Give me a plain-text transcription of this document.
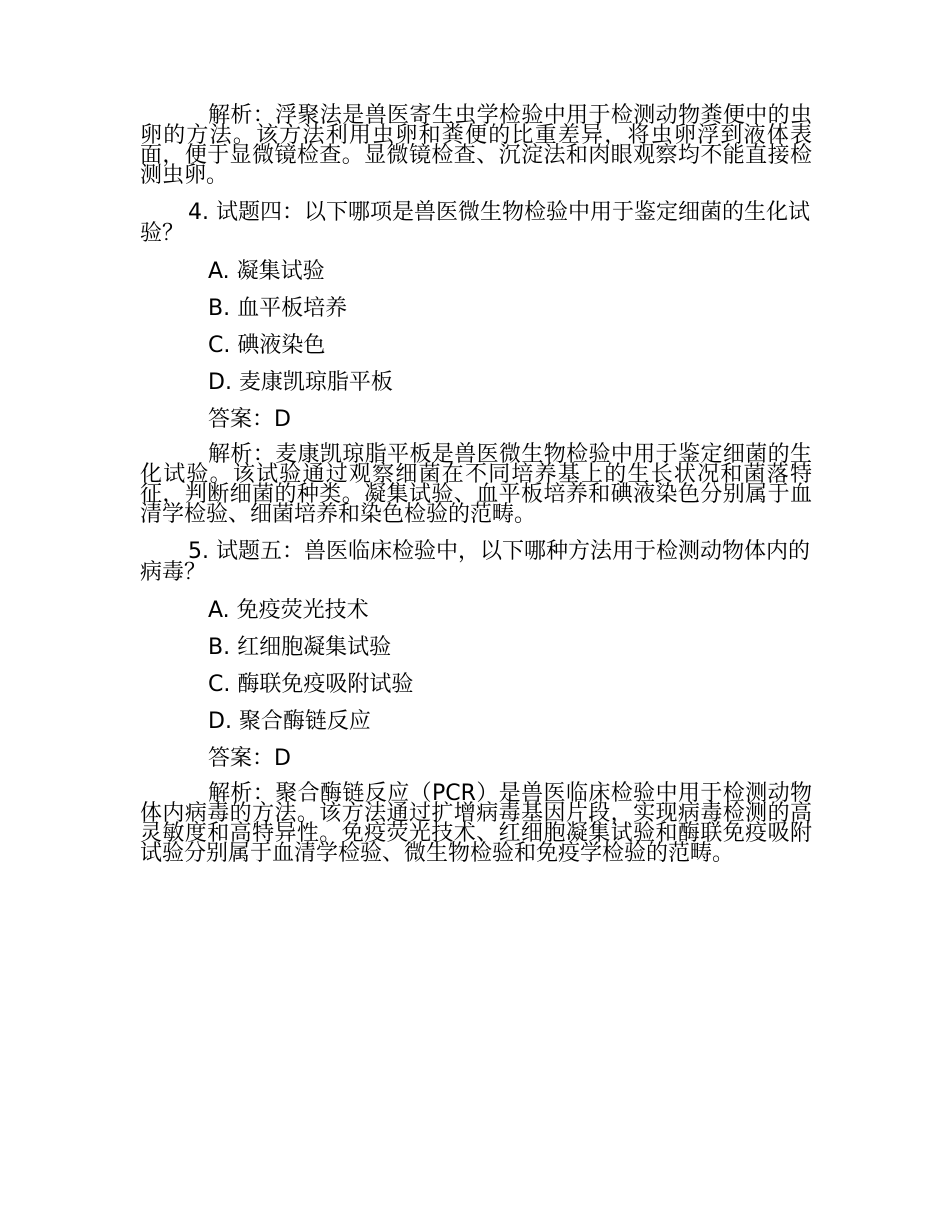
解析：浮聚法是兽医寄生虫学检验中用于检测动物粪便中的虫卵的方法。该方法利用虫卵和粪便的比重差异，将虫卵浮到液体表面，便于显微镜检查。显微镜检查、沉淀法和肉眼观察均不能直接检测虫卵。

4. 试题四：以下哪项是兽医微生物检验中用于鉴定细菌的生化试验？

A. 凝集试验
B. 血平板培养
C. 碘液染色
D. 麦康凯琼脂平板
答案：D

解析：麦康凯琼脂平板是兽医微生物检验中用于鉴定细菌的生化试验。该试验通过观察细菌在不同培养基上的生长状况和菌落特征，判断细菌的种类。凝集试验、血平板培养和碘液染色分别属于血清学检验、细菌培养和染色检验的范畴。

5. 试题五：兽医临床检验中，以下哪种方法用于检测动物体内的病毒？

A. 免疫荧光技术
B. 红细胞凝集试验
C. 酶联免疫吸附试验
D. 聚合酶链反应
答案：D

解析：聚合酶链反应（PCR）是兽医临床检验中用于检测动物体内病毒的方法。该方法通过扩增病毒基因片段，实现病毒检测的高灵敏度和高特异性。免疫荧光技术、红细胞凝集试验和酶联免疫吸附试验分别属于血清学检验、微生物检验和免疫学检验的范畴。
